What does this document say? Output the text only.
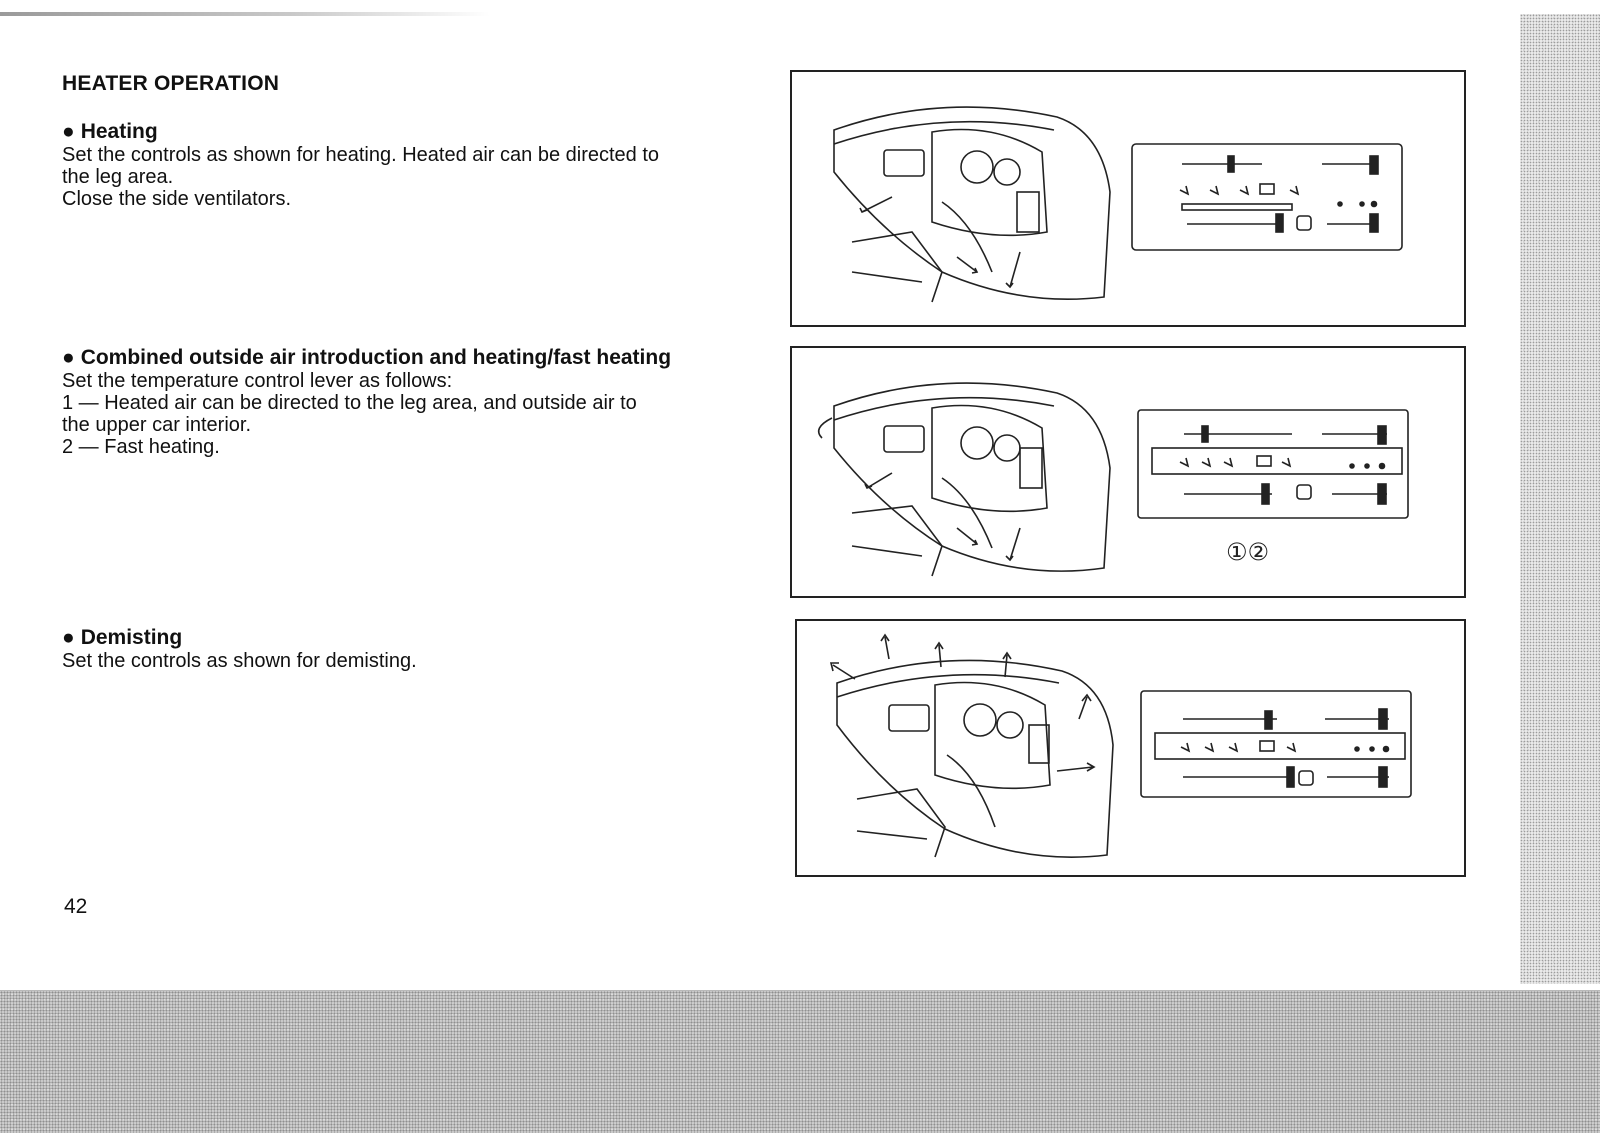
HEATER OPERATION
● Heating

Set the controls as shown for heating. Heated air can be directed to
the leg area.
Close the side ventilators.

● Combined outside air introduction and heating/fast heating

Set the temperature control lever as follows:
1 — Heated air can be directed to the leg area, and outside air to
the upper car interior.
2 — Fast heating.

● Demisting

Set the controls as shown for demisting.

42
①②
